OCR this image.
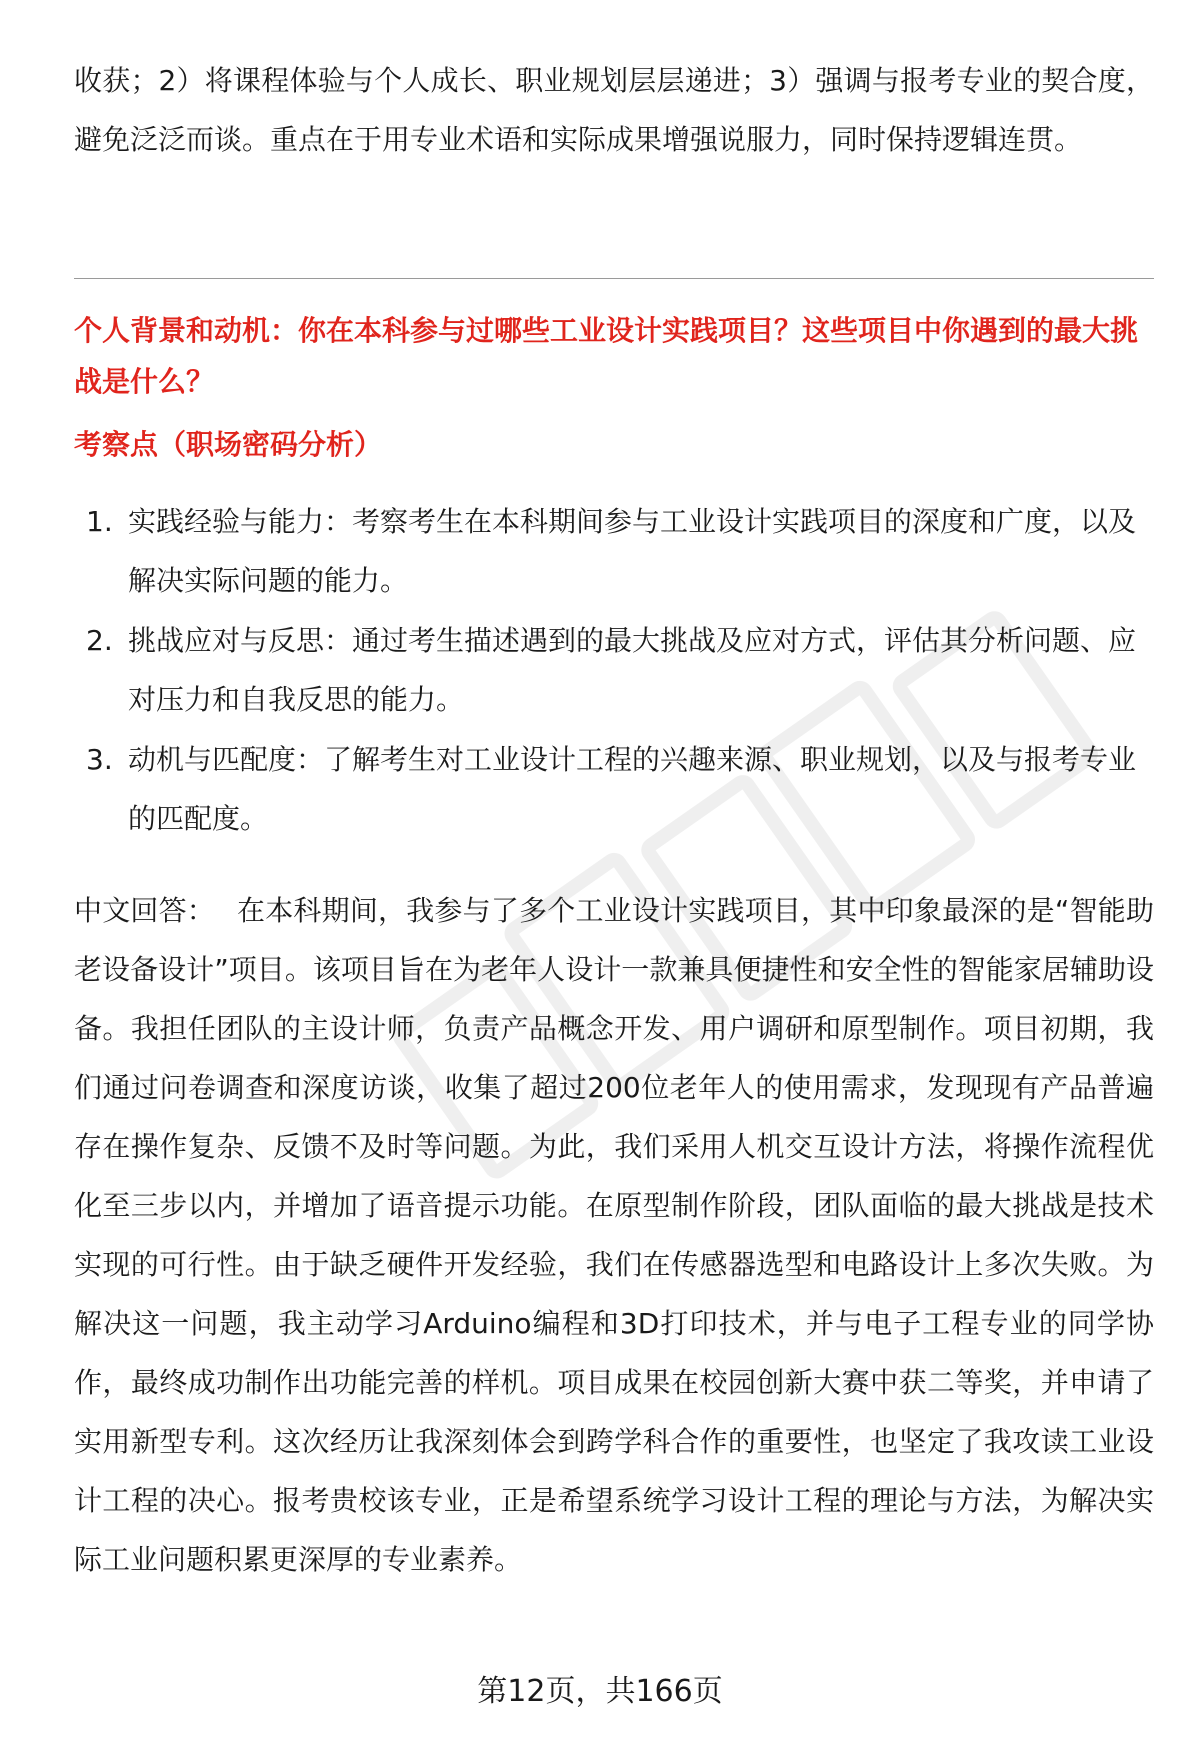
收获；2）将课程体验与个人成长、职业规划层层递进；3）强调与报考专业的契合度，避免泛泛而谈。重点在于用专业术语和实际成果增强说服力，同时保持逻辑连贯。

个人背景和动机：你在本科参与过哪些工业设计实践项目？这些项目中你遇到的最大挑战是什么？

考察点（职场密码分析）

1. 实践经验与能力：考察考生在本科期间参与工业设计实践项目的深度和广度，以及解决实际问题的能力。
2. 挑战应对与反思：通过考生描述遇到的最大挑战及应对方式，评估其分析问题、应对压力和自我反思的能力。
3. 动机与匹配度：了解考生对工业设计工程的兴趣来源、职业规划，以及与报考专业的匹配度。

中文回答： 在本科期间，我参与了多个工业设计实践项目，其中印象最深的是“智能助老设备设计”项目。该项目旨在为老年人设计一款兼具便捷性和安全性的智能家居辅助设备。我担任团队的主设计师，负责产品概念开发、用户调研和原型制作。项目初期，我们通过问卷调查和深度访谈，收集了超过200位老年人的使用需求，发现现有产品普遍存在操作复杂、反馈不及时等问题。为此，我们采用人机交互设计方法，将操作流程优化至三步以内，并增加了语音提示功能。在原型制作阶段，团队面临的最大挑战是技术实现的可行性。由于缺乏硬件开发经验，我们在传感器选型和电路设计上多次失败。为解决这一问题，我主动学习Arduino编程和3D打印技术，并与电子工程专业的同学协作，最终成功制作出功能完善的样机。项目成果在校园创新大赛中获二等奖，并申请了实用新型专利。这次经历让我深刻体会到跨学科合作的重要性，也坚定了我攻读工业设计工程的决心。报考贵校该专业，正是希望系统学习设计工程的理论与方法，为解决实际工业问题积累更深厚的专业素养。

第12页，共166页
